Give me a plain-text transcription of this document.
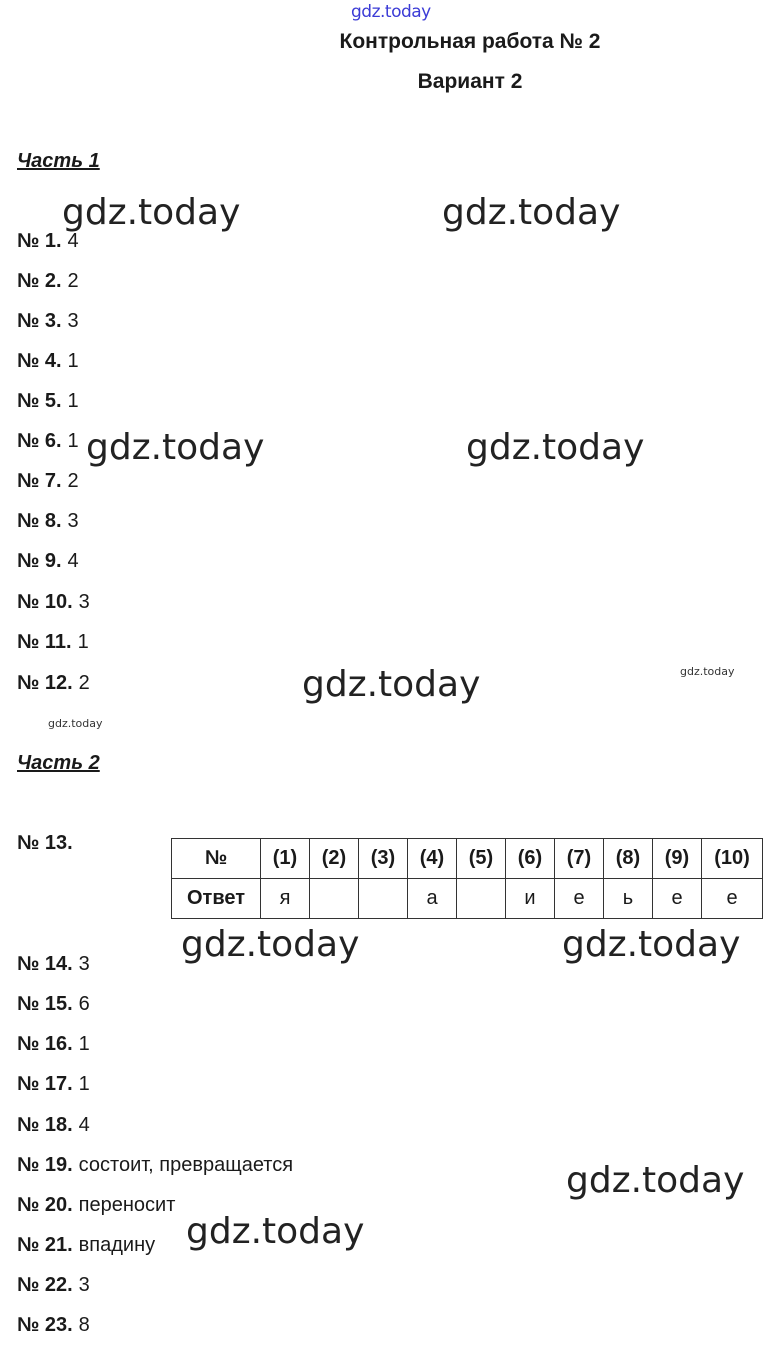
gdz.today
gdz.today	gdz.today
gdz.today	gdz.today
gdz.today	gdz.today
gdz.today
gdz.today	gdz.today
gdz.today
gdz.today
Контрольная работа № 2
Вариант 2
Часть 1
№ 1. 4
№ 2. 2
№ 3. 3
№ 4. 1
№ 5. 1
№ 6. 1
№ 7. 2
№ 8. 3
№ 9. 4
№ 10. 3
№ 11. 1
№ 12. 2
Часть 2
№ 13.
№	(1)	(2)	(3)	(4)	(5)	(6)	(7)	(8)	(9)	(10)
Ответ	я			а		и	е	ь	е	е
№ 14. 3
№ 15. 6
№ 16. 1
№ 17. 1
№ 18. 4
№ 19. состоит, превращается
№ 20. переносит
№ 21. впадину
№ 22. 3
№ 23. 8
